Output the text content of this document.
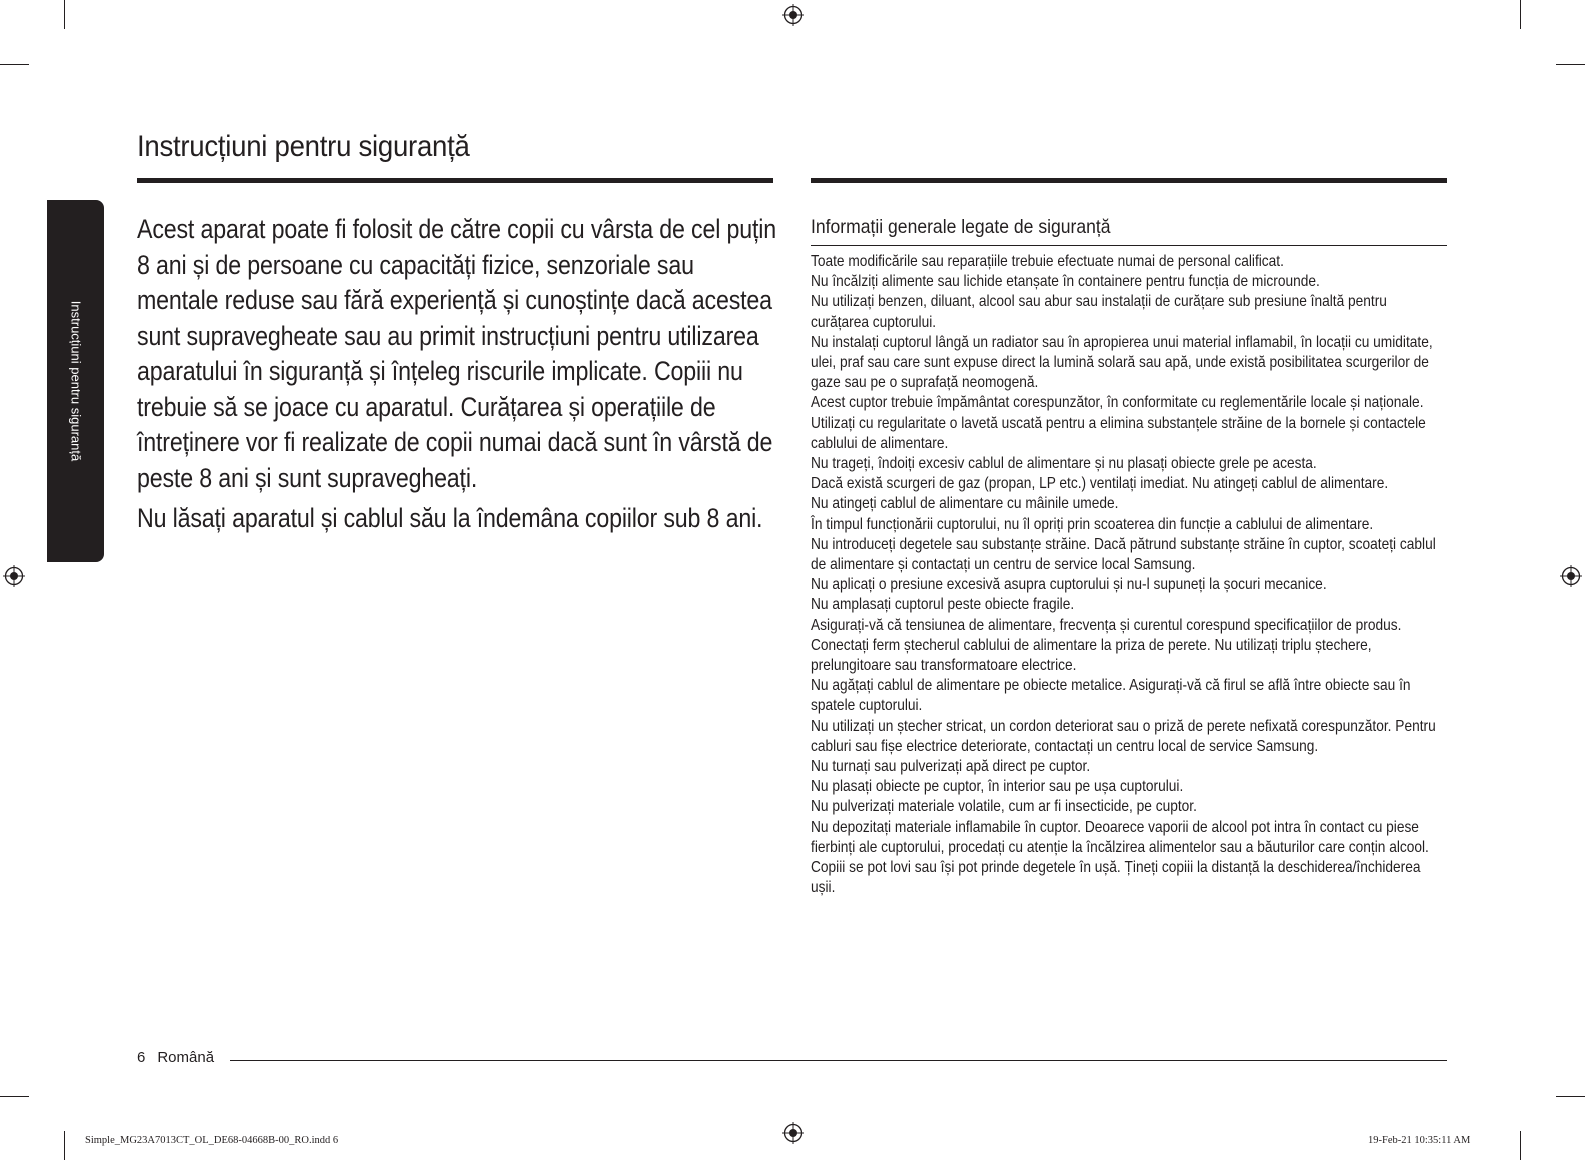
Instrucțiuni pentru siguranță
Instrucțiuni pentru siguranță

Acest aparat poate fi folosit de către copii cu vârsta de cel puțin 8 ani și de persoane cu capacități fizice, senzoriale sau mentale reduse sau fără experiență și cunoștințe dacă acestea sunt supravegheate sau au primit instrucțiuni pentru utilizarea aparatului în siguranță și înțeleg riscurile implicate. Copiii nu trebuie să se joace cu aparatul. Curățarea și operațiile de întreținere vor fi realizate de copii numai dacă sunt în vârstă de peste 8 ani și sunt supravegheați.

Nu lăsați aparatul și cablul său la îndemâna copiilor sub 8 ani.

Informații generale legate de siguranță
Toate modificările sau reparațiile trebuie efectuate numai de personal calificat.
Nu încălziți alimente sau lichide etanșate în containere pentru funcția de microunde.
Nu utilizați benzen, diluant, alcool sau abur sau instalații de curățare sub presiune înaltă pentru curățarea cuptorului.
Nu instalați cuptorul lângă un radiator sau în apropierea unui material inflamabil, în locații cu umiditate, ulei, praf sau care sunt expuse direct la lumină solară sau apă, unde există posibilitatea scurgerilor de gaze sau pe o suprafață neomogenă.
Acest cuptor trebuie împământat corespunzător, în conformitate cu reglementările locale și naționale.
Utilizați cu regularitate o lavetă uscată pentru a elimina substanțele străine de la bornele și contactele cablului de alimentare.
Nu trageți, îndoiți excesiv cablul de alimentare și nu plasați obiecte grele pe acesta.
Dacă există scurgeri de gaz (propan, LP etc.) ventilați imediat. Nu atingeți cablul de alimentare.
Nu atingeți cablul de alimentare cu mâinile umede.
În timpul funcționării cuptorului, nu îl opriți prin scoaterea din funcție a cablului de alimentare.
Nu introduceți degetele sau substanțe străine. Dacă pătrund substanțe străine în cuptor, scoateți cablul de alimentare și contactați un centru de service local Samsung.
Nu aplicați o presiune excesivă asupra cuptorului și nu-l supuneți la șocuri mecanice.
Nu amplasați cuptorul peste obiecte fragile.
Asigurați-vă că tensiunea de alimentare, frecvența și curentul corespund specificațiilor de produs.
Conectați ferm ștecherul cablului de alimentare la priza de perete. Nu utilizați triplu ștechere, prelungitoare sau transformatoare electrice.
Nu agățați cablul de alimentare pe obiecte metalice. Asigurați-vă că firul se află între obiecte sau în spatele cuptorului.
Nu utilizați un ștecher stricat, un cordon deteriorat sau o priză de perete nefixată corespunzător. Pentru cabluri sau fișe electrice deteriorate, contactați un centru local de service Samsung.
Nu turnați sau pulverizați apă direct pe cuptor.
Nu plasați obiecte pe cuptor, în interior sau pe ușa cuptorului.
Nu pulverizați materiale volatile, cum ar fi insecticide, pe cuptor.
Nu depozitați materiale inflamabile în cuptor. Deoarece vaporii de alcool pot intra în contact cu piese fierbinți ale cuptorului, procedați cu atenție la încălzirea alimentelor sau a băuturilor care conțin alcool.
Copiii se pot lovi sau își pot prinde degetele în ușă. Țineți copiii la distanță la deschiderea/închiderea ușii.
6 Română
Simple_MG23A7013CT_OL_DE68-04668B-00_RO.indd 6	19-Feb-21 10:35:11 AM
